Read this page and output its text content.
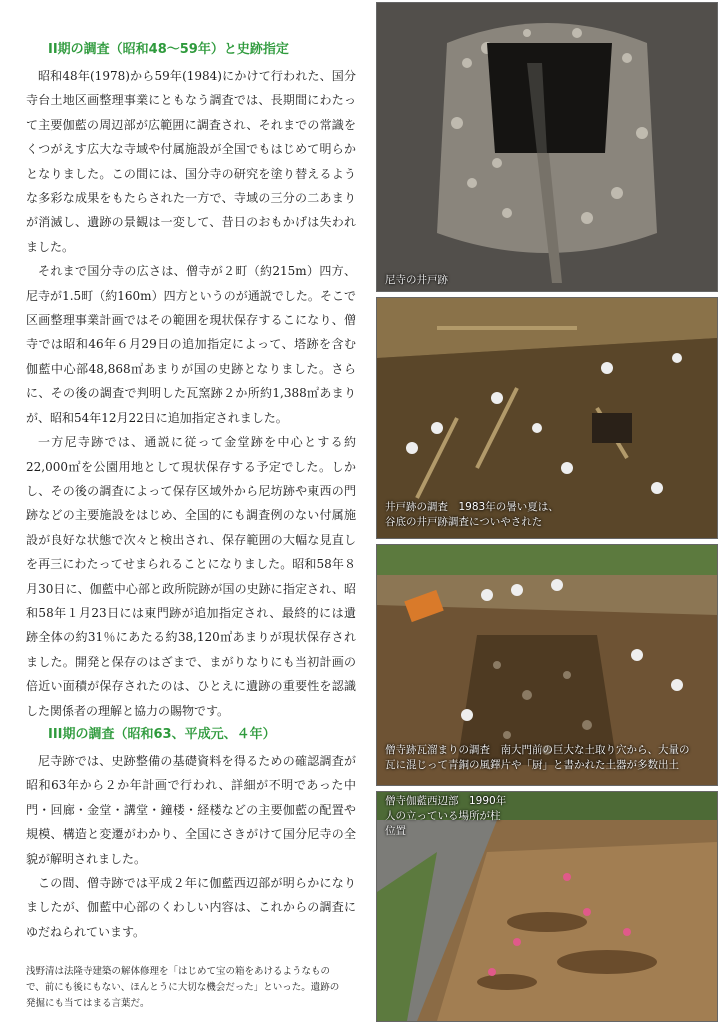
II期の調査（昭和48～59年）と史跡指定

昭和48年(1978)から59年(1984)にかけて行われた、国分寺台土地区画整理事業にともなう調査では、長期間にわたって主要伽藍の周辺部が広範囲に調査され、それまでの常識をくつがえす広大な寺域や付属施設が全国でもはじめて明らかとなりました。この間には、国分寺の研究を塗り替えるような多彩な成果をもたらされた一方で、寺域の三分の二あまりが消滅し、遺跡の景観は一変して、昔日のおもかげは失われました。

それまで国分寺の広さは、僧寺が２町（約215m）四方、尼寺が1.5町（約160m）四方というのが通説でした。そこで区画整理事業計画ではその範囲を現状保存するこになり、僧寺では昭和46年６月29日の追加指定によって、塔跡を含む伽藍中心部48,868㎡あまりが国の史跡となりました。さらに、その後の調査で判明した瓦窯跡２か所約1,388㎡あまりが、昭和54年12月22日に追加指定されました。

一方尼寺跡では、通説に従って金堂跡を中心とする約22,000㎡を公園用地として現状保存する予定でした。しかし、その後の調査によって保存区域外から尼坊跡や東西の門跡などの主要施設をはじめ、全国的にも調査例のない付属施設が良好な状態で次々と検出され、保存範囲の大幅な見直しを再三にわたってせまられることになりました。昭和58年８月30日に、伽藍中心部と政所院跡が国の史跡に指定され、昭和58年１月23日には東門跡が追加指定され、最終的には遺跡全体の約31％にあたる約38,120㎡あまりが現状保存されました。開発と保存のはざまで、まがりなりにも当初計画の倍近い面積が保存されたのは、ひとえに遺跡の重要性を認識した関係者の理解と協力の賜物です。

III期の調査（昭和63、平成元、４年）

尼寺跡では、史跡整備の基礎資料を得るための確認調査が昭和63年から２か年計画で行われ、詳細が不明であった中門・回廊・金堂・講堂・鐘楼・経楼などの主要伽藍の配置や規模、構造と変遷がわかり、全国にさきがけて国分尼寺の全貌が解明されました。

この間、僧寺跡では平成２年に伽藍西辺部が明らかになりましたが、伽藍中心部のくわしい内容は、これからの調査にゆだねられています。

浅野清は法隆寺建築の解体修理を「はじめて宝の箱をあけるようなもので、前にも後にもない、ほんとうに大切な機会だった」といった。遺跡の発掘にも当てはまる言葉だ。

尼寺の井戸跡
井戸跡の調査　1983年の暑い夏は、
谷底の井戸跡調査についやされた
僧寺跡瓦溜まりの調査　南大門前の巨大な土取り穴から、大量の
瓦に混じって青銅の風鐸片や「厨」と書かれた土器が多数出土
僧寺伽藍西辺部　1990年
人の立っている場所が柱
位置
